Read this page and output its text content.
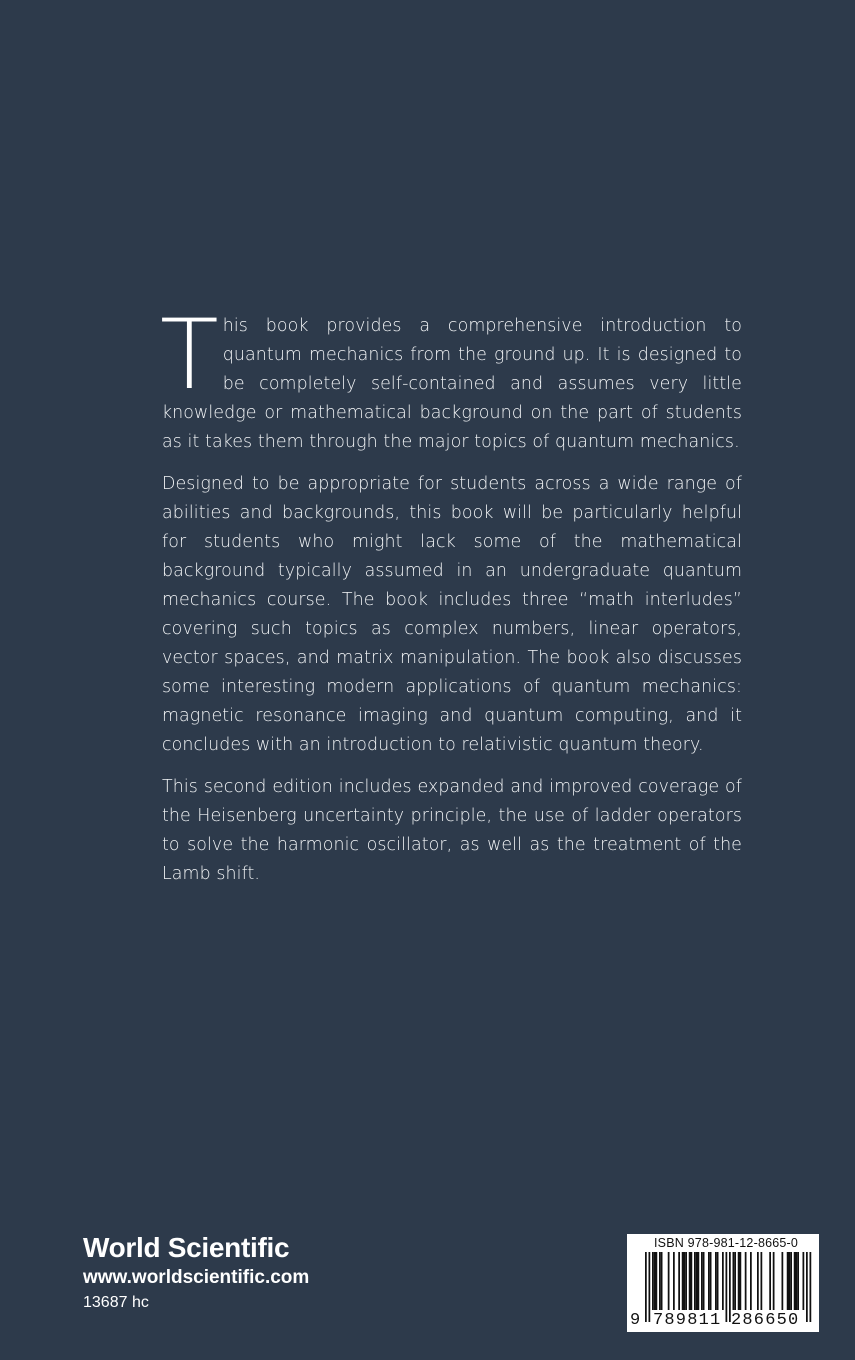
This book provides a comprehensive introduction to quantum mechanics from the ground up. It is designed to be completely self-contained and assumes very little knowledge or mathematical background on the part of students as it takes them through the major topics of quantum mechanics.

Designed to be appropriate for students across a wide range of abilities and backgrounds, this book will be particularly helpful for students who might lack some of the mathematical background typically assumed in an undergraduate quantum mechanics course. The book includes three “math interludes” covering such topics as complex numbers, linear operators, vector spaces, and matrix manipulation. The book also discusses some interesting modern applications of quantum mechanics: magnetic resonance imaging and quantum computing, and it concludes with an introduction to relativistic quantum theory.

This second edition includes expanded and improved coverage of the Heisenberg uncertainty principle, the use of ladder operators to solve the harmonic oscillator, as well as the treatment of the Lamb shift.

World Scientific
www.worldscientific.com
13687 hc
ISBN 978-981-12-8665-0
9 789811 286650
